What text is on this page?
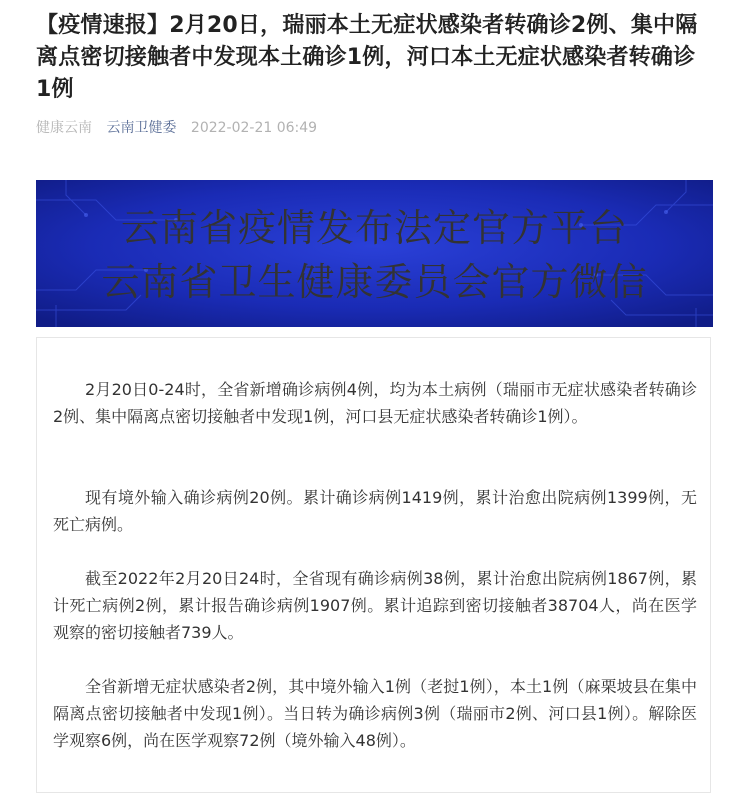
【疫情速报】2月20日，瑞丽本土无症状感染者转确诊2例、集中隔离点密切接触者中发现本土确诊1例，河口本土无症状感染者转确诊1例
健康云南 云南卫健委 2022-02-21 06:49
云南省疫情发布法定官方平台
云南省卫生健康委员会官方微信

2月20日0-24时，全省新增确诊病例4例，均为本土病例（瑞丽市无症状感染者转确诊2例、集中隔离点密切接触者中发现1例，河口县无症状感染者转确诊1例）。

现有境外输入确诊病例20例。累计确诊病例1419例，累计治愈出院病例1399例，无死亡病例。

截至2022年2月20日24时，全省现有确诊病例38例，累计治愈出院病例1867例，累计死亡病例2例，累计报告确诊病例1907例。累计追踪到密切接触者38704人，尚在医学观察的密切接触者739人。

全省新增无症状感染者2例，其中境外输入1例（老挝1例），本土1例（麻栗坡县在集中隔离点密切接触者中发现1例）。当日转为确诊病例3例（瑞丽市2例、河口县1例）。解除医学观察6例，尚在医学观察72例（境外输入48例）。
